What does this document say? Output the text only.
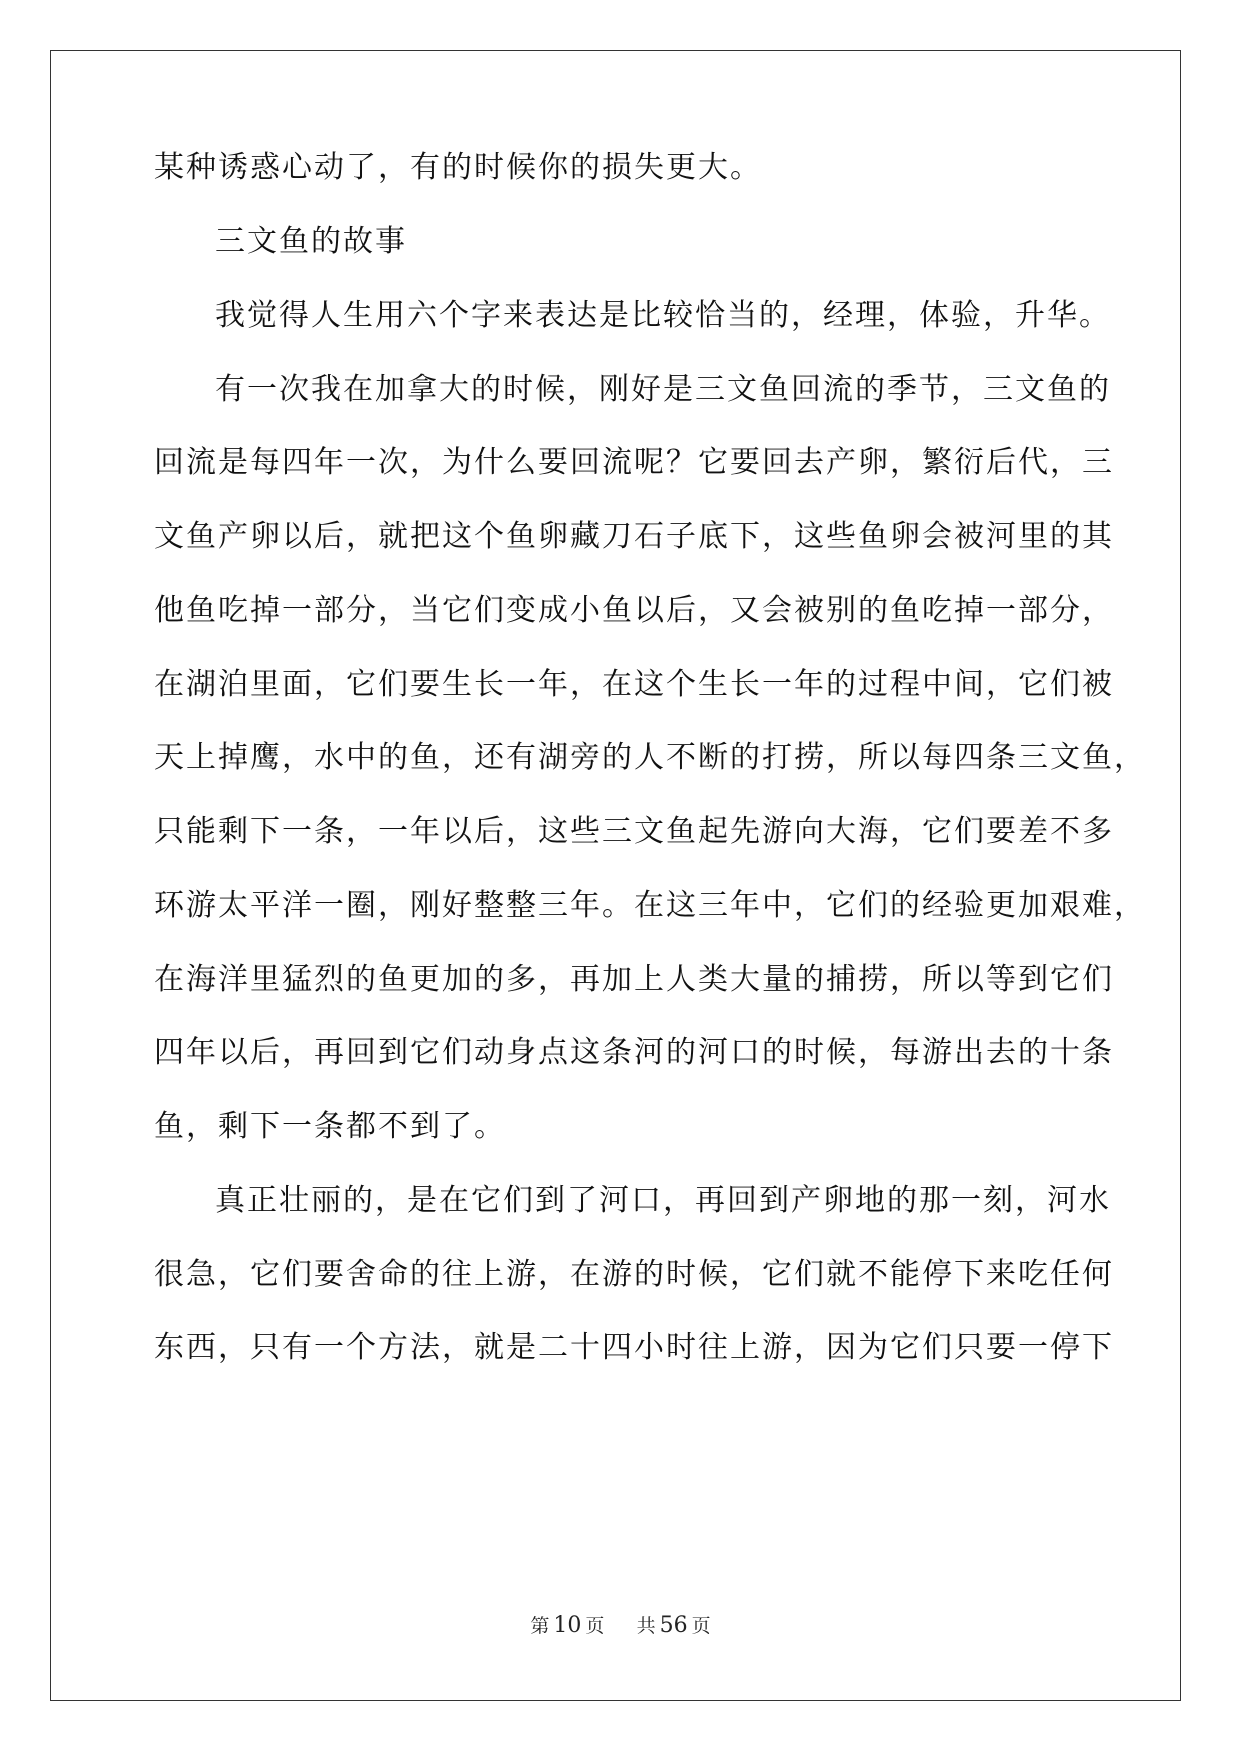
某种诱惑心动了，有的时候你的损失更大。
三文鱼的故事
我觉得人生用六个字来表达是比较恰当的，经理，体验，升华。
有一次我在加拿大的时候，刚好是三文鱼回流的季节，三文鱼的
回流是每四年一次，为什么要回流呢？它要回去产卵，繁衍后代，三
文鱼产卵以后，就把这个鱼卵藏刀石子底下，这些鱼卵会被河里的其
他鱼吃掉一部分，当它们变成小鱼以后，又会被别的鱼吃掉一部分，
在湖泊里面，它们要生长一年，在这个生长一年的过程中间，它们被
天上掉鹰，水中的鱼，还有湖旁的人不断的打捞，所以每四条三文鱼，
只能剩下一条，一年以后，这些三文鱼起先游向大海，它们要差不多
环游太平洋一圈，刚好整整三年。在这三年中，它们的经验更加艰难，
在海洋里猛烈的鱼更加的多，再加上人类大量的捕捞，所以等到它们
四年以后，再回到它们动身点这条河的河口的时候，每游出去的十条
鱼，剩下一条都不到了。
真正壮丽的，是在它们到了河口，再回到产卵地的那一刻，河水
很急，它们要舍命的往上游，在游的时候，它们就不能停下来吃任何
东西，只有一个方法，就是二十四小时往上游，因为它们只要一停下
第 10 页 共 56 页
